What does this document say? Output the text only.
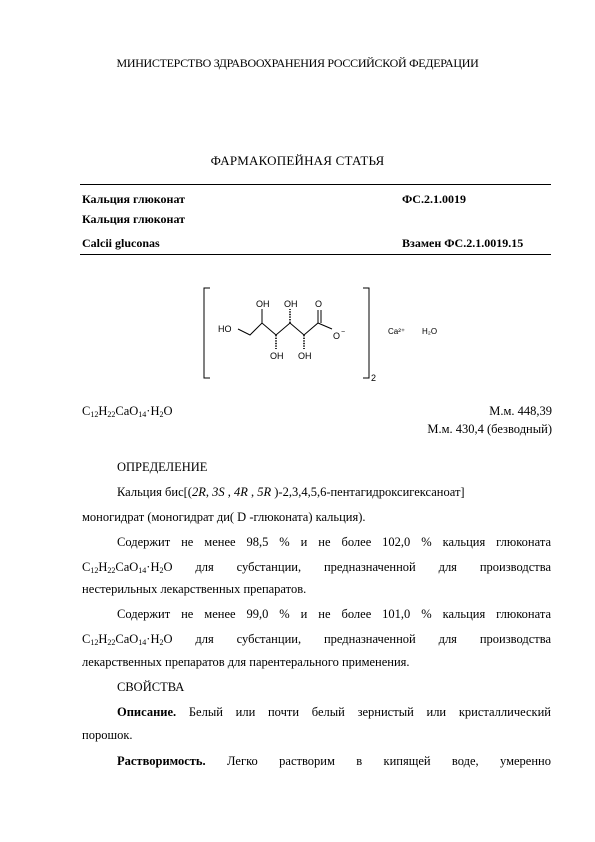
МИНИСТЕРСТВО ЗДРАВООХРАНЕНИЯ РОССИЙСКОЙ ФЕДЕРАЦИИ
ФАРМАКОПЕЙНАЯ СТАТЬЯ
Кальция глюконат	ФС.2.1.0019
Кальция глюконат
Calcii gluconas	Взамен ФС.2.1.0019.15
OH OH
OH OH
HO
O
O −
2
Ca²⁺ H₂O
$C_{12}H_{22}CaO_{14}\cdot H_2O$	М.м. 448,39
М.м. 430,4 (безводный)
ОПРЕДЕЛЕНИЕ
Кальция бис[(2R, 3S , 4R , 5R )-2,3,4,5,6-пентагидроксигексаноат]
моногидрат (моногидрат ди( D -глюконата) кальция).
Содержит не менее 98,5 % и не более 102,0 % кальция глюконата
$C_{12}H_{22}CaO_{14}\cdot H_2O$ для субстанции, предназначенной для производства
нестерильных лекарственных препаратов.
Содержит не менее 99,0 % и не более 101,0 % кальция глюконата
$C_{12}H_{22}CaO_{14}\cdot H_2O$ для субстанции, предназначенной для производства
лекарственных препаратов для парентерального применения.
СВОЙСТВА
Описание. Белый или почти белый зернистый или кристаллический
порошок.
Растворимость. Легко растворим в кипящей воде, умеренно
